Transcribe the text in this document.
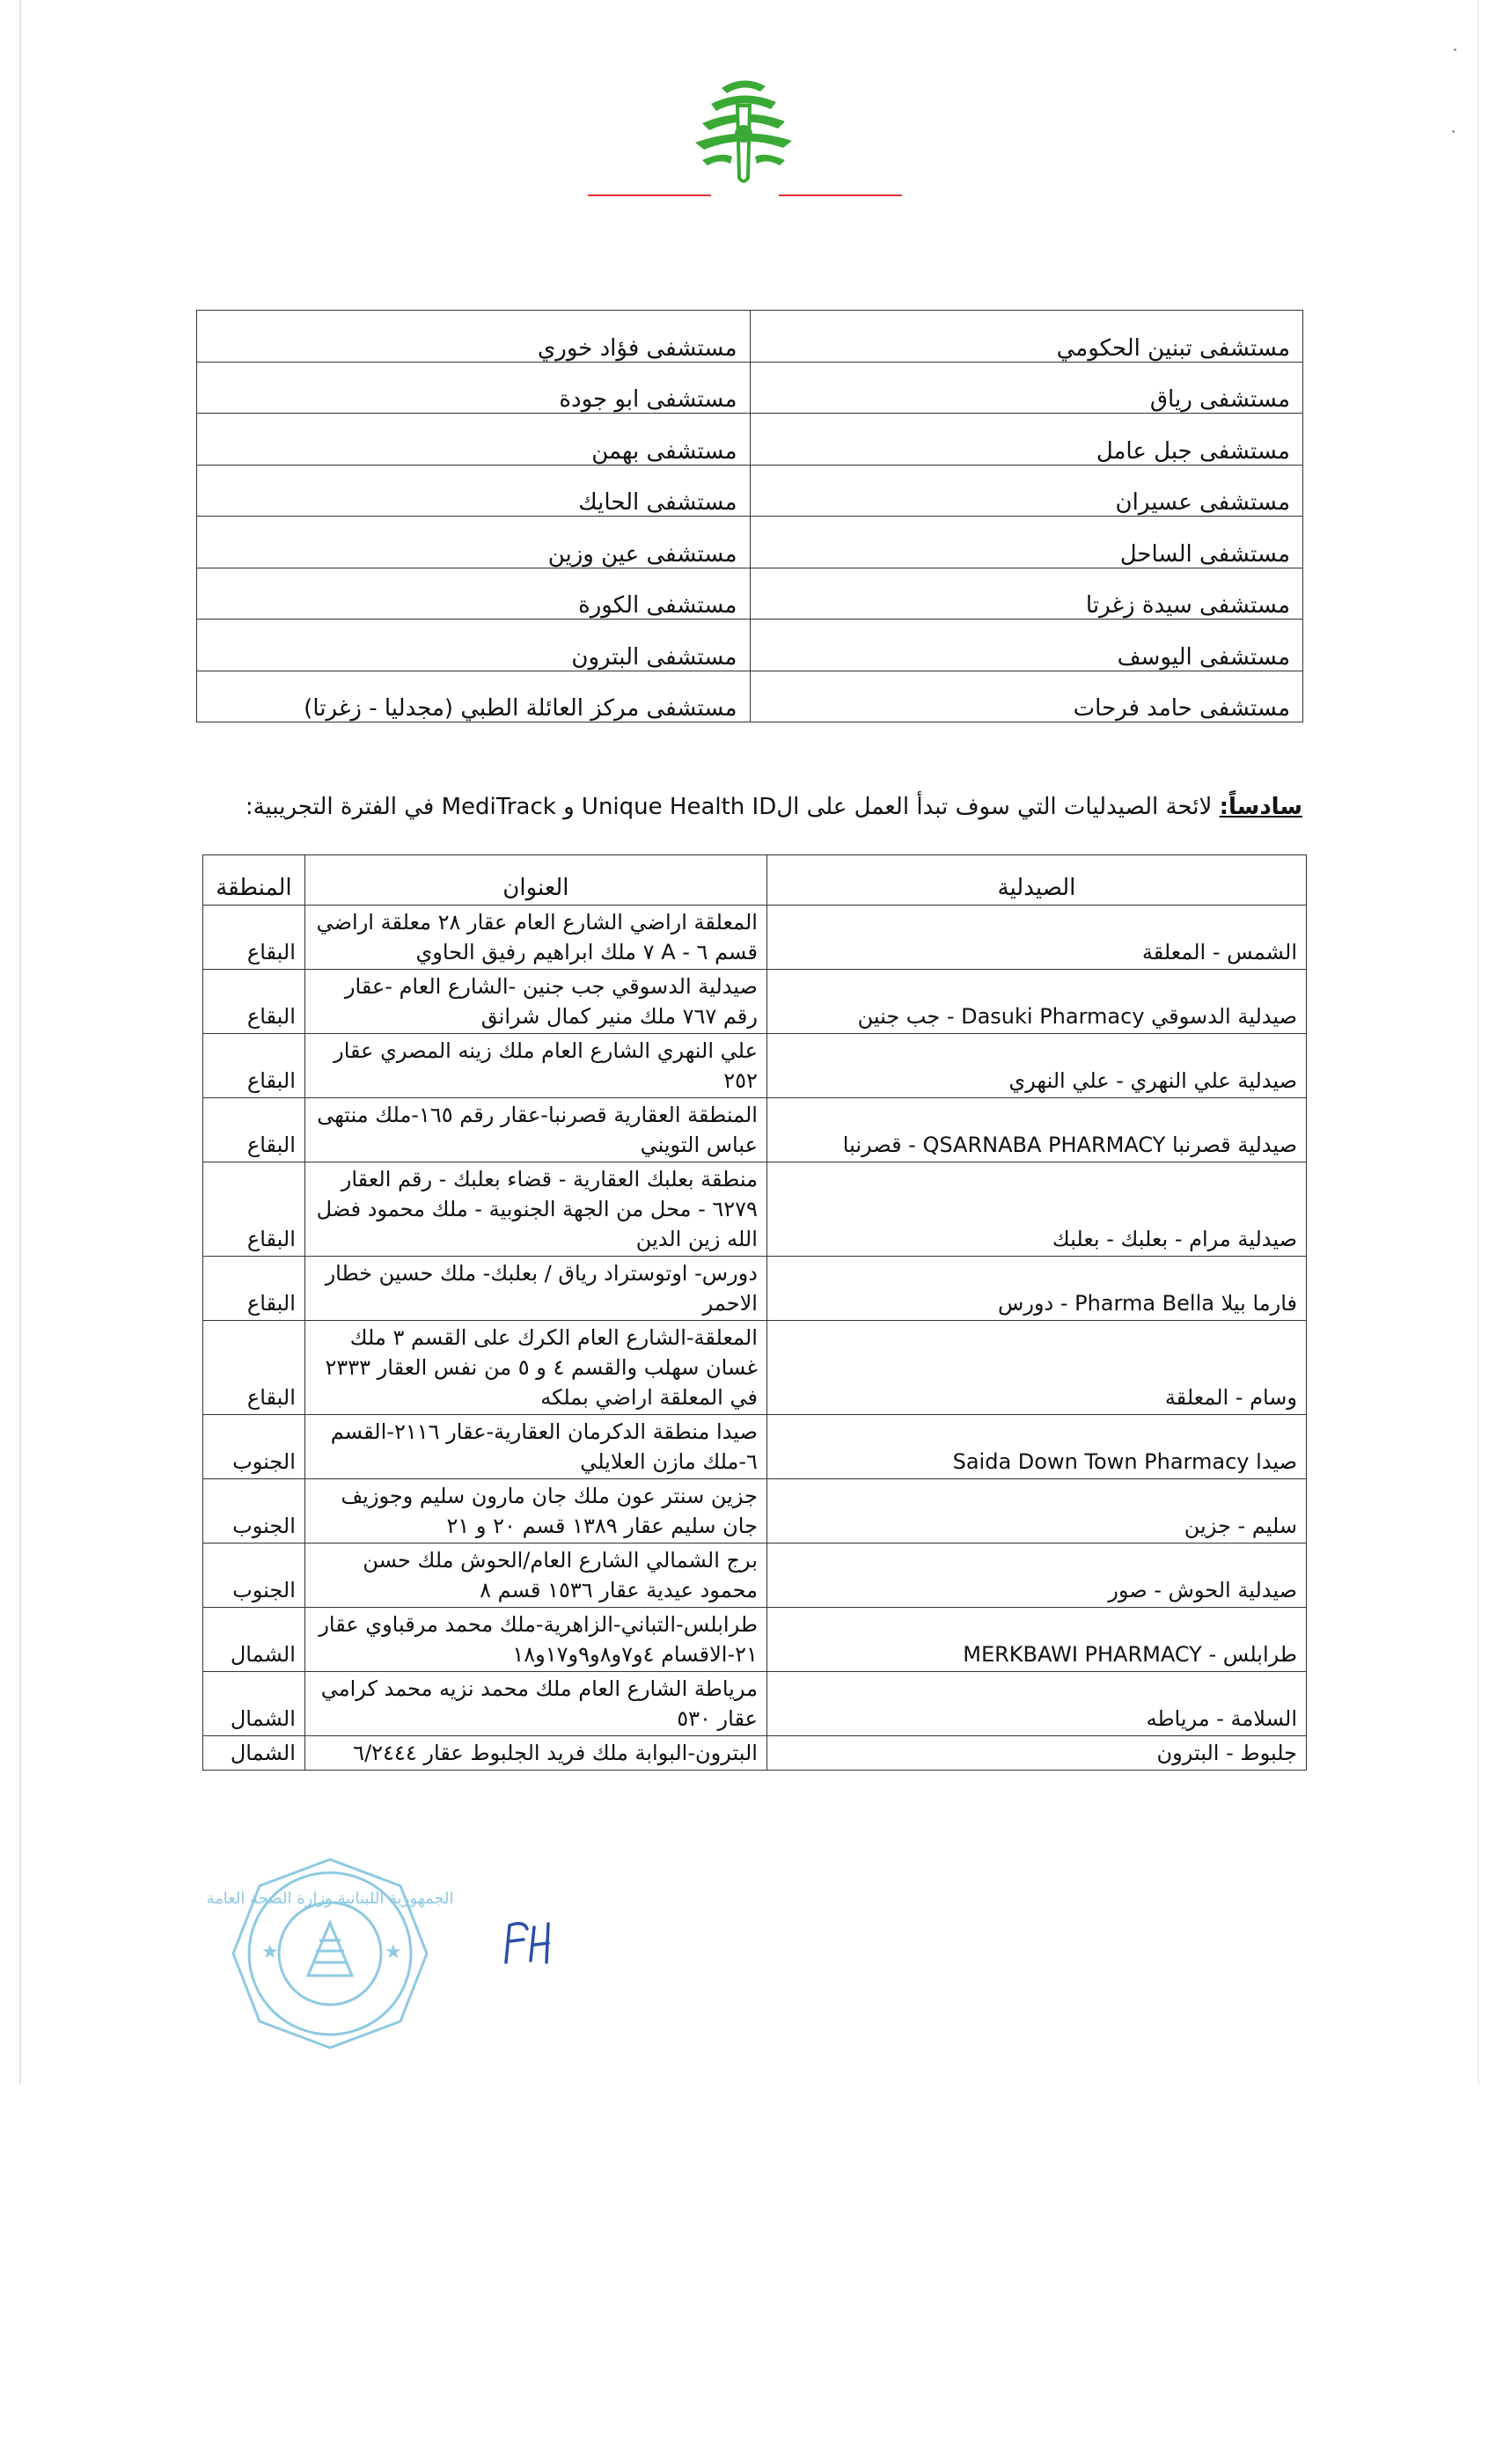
مستشفى تبنين الحكومي	مستشفى فؤاد خوري
مستشفى رياق	مستشفى ابو جودة
مستشفى جبل عامل	مستشفى بهمن
مستشفى عسيران	مستشفى الحايك
مستشفى الساحل	مستشفى عين وزين
مستشفى سيدة زغرتا	مستشفى الكورة
مستشفى اليوسف	مستشفى البترون
مستشفى حامد فرحات	مستشفى مركز العائلة الطبي (مجدليا - زغرتا)
سادساً: لائحة الصيدليات التي سوف تبدأ العمل على الUnique Health ID و MediTrack في الفترة التجريبية:
الصيدلية	العنوان	المنطقة
الشمس - المعلقة	المعلقة اراضي الشارع العام عقار ٢٨ معلقة اراضي قسم ٦ - A ٧ ملك ابراهيم رفيق الحاوي	البقاع
صيدلية الدسوقي Dasuki Pharmacy - جب جنين	صيدلية الدسوقي جب جنين -الشارع العام -عقار رقم ٧٦٧ ملك منير كمال شرانق	البقاع
صيدلية علي النهري - علي النهري	علي النهري الشارع العام ملك زينه المصري عقار ٢٥٢	البقاع
صيدلية قصرنبا QSARNABA PHARMACY - قصرنبا	المنطقة العقارية قصرنبا-عقار رقم ١٦٥-ملك منتهى عباس التويني	البقاع
صيدلية مرام - بعلبك - بعلبك	منطقة بعلبك العقارية - قضاء بعلبك - رقم العقار ٦٢٧٩ - محل من الجهة الجنوبية - ملك محمود فضل الله زين الدين	البقاع
فارما بيلا Pharma Bella - دورس	دورس- اوتوستراد رياق / بعلبك- ملك حسين خطار الاحمر	البقاع
وسام - المعلقة	المعلقة-الشارع العام الكرك على القسم ٣ ملك غسان سهلب والقسم ٤ و ٥ من نفس العقار ٢٣٣٣ في المعلقة اراضي بملكه	البقاع
صيدا Saida Down Town Pharmacy	صيدا منطقة الدكرمان العقارية-عقار ٢١١٦-القسم ٦-ملك مازن العلايلي	الجنوب
سليم - جزين	جزين سنتر عون ملك جان مارون سليم وجوزيف جان سليم عقار ١٣٨٩ قسم ٢٠ و ٢١	الجنوب
صيدلية الحوش - صور	برج الشمالي الشارع العام/الحوش ملك حسن محمود عيدية عقار ١٥٣٦ قسم ٨	الجنوب
طرابلس - MERKBAWI PHARMACY	طرابلس-التباني-الزاهرية-ملك محمد مرقباوي عقار ٢١-الاقسام ٤و٧و٨و٩و١٧و١٨	الشمال
السلامة - مرياطه	مرياطة الشارع العام ملك محمد نزيه محمد كرامي عقار ٥٣٠	الشمال
جلبوط - البترون	البترون-البوابة ملك فريد الجلبوط عقار ٦/٢٤٤٤	الشمال
الجمهورية اللبنانية وزارة الصحة العامة
★	★
